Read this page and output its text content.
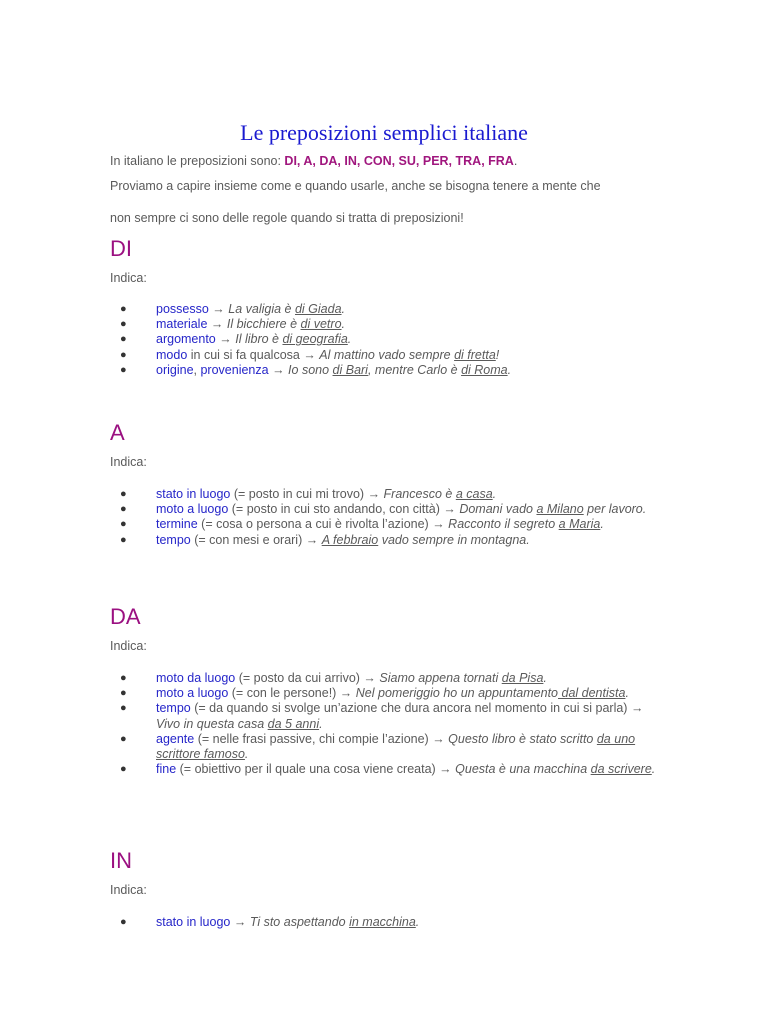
Le preposizioni semplici italiane

In italiano le preposizioni sono: DI, A, DA, IN, CON, SU, PER, TRA, FRA.

Proviamo a capire insieme come e quando usarle, anche se bisogna tenere a mente che

non sempre ci sono delle regole quando si tratta di preposizioni!

DI

Indica:

● possesso → La valigia è di Giada.
● materiale → Il bicchiere è di vetro.
● argomento → Il libro è di geografia.
● modo in cui si fa qualcosa → Al mattino vado sempre di fretta!
● origine, provenienza → Io sono di Bari, mentre Carlo è di Roma.
A

Indica:

● stato in luogo (= posto in cui mi trovo) → Francesco è a casa.
● moto a luogo (= posto in cui sto andando, con città) → Domani vado a Milano per lavoro.
● termine (= cosa o persona a cui è rivolta l’azione) → Racconto il segreto a Maria.
● tempo (= con mesi e orari) → A febbraio vado sempre in montagna.
DA

Indica:

● moto da luogo (= posto da cui arrivo) → Siamo appena tornati da Pisa.
● moto a luogo (= con le persone!) → Nel pomeriggio ho un appuntamento dal dentista.
● tempo (= da quando si svolge un’azione che dura ancora nel momento in cui si parla) → Vivo in questa casa da 5 anni.
● agente (= nelle frasi passive, chi compie l’azione) → Questo libro è stato scritto da uno scrittore famoso.
● fine (= obiettivo per il quale una cosa viene creata) → Questa è una macchina da scrivere.
IN

Indica:

● stato in luogo → Ti sto aspettando in macchina.
